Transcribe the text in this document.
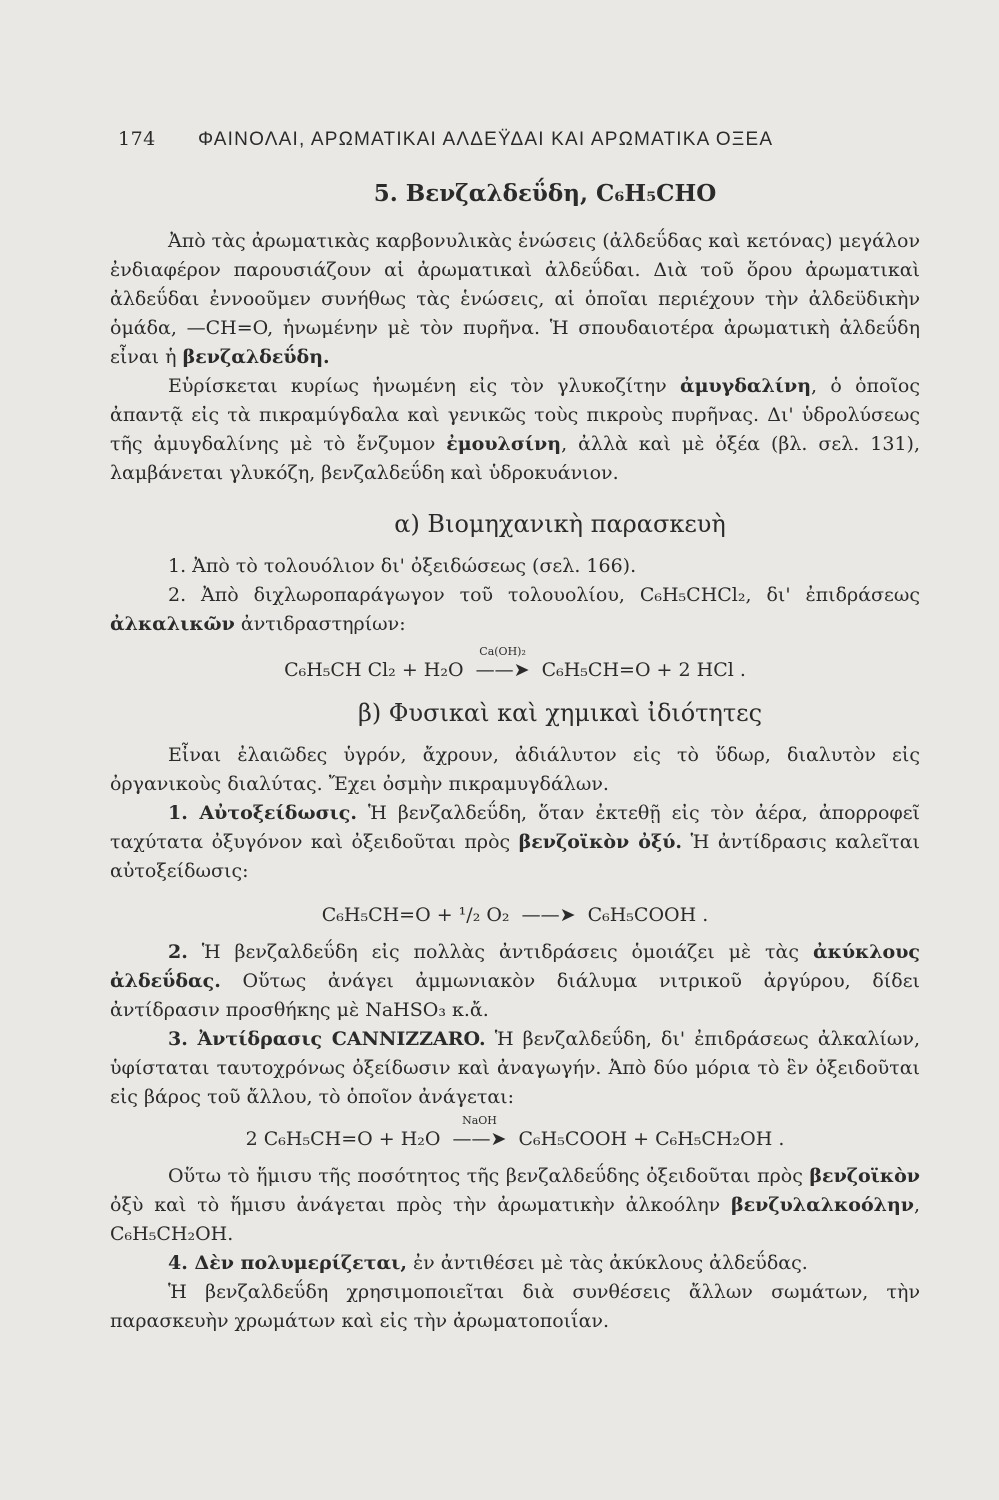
174 ΦΑΙΝΟΛΑΙ, ΑΡΩΜΑΤΙΚΑΙ ΑΛΔΕΫΔΑΙ ΚΑΙ ΑΡΩΜΑΤΙΚΑ ΟΞΕΑ
5. Βενζαλδεΰδη, C₆H₅CHO

Ἀπὸ τὰς ἀρωματικὰς καρβονυλικὰς ἑνώσεις (ἀλδεΰδας καὶ κετόνας) μεγάλον ἐνδιαφέρον παρουσιάζουν αἱ ἀρωματικαὶ ἀλδεΰδαι. Διὰ τοῦ ὅρου ἀρωματικαὶ ἀλδεΰδαι ἐννοοῦμεν συνήθως τὰς ἑνώσεις, αἱ ὁποῖαι περιέχουν τὴν ἀλδεϋδικὴν ὁμάδα, —CH=O, ἡνωμένην μὲ τὸν πυρῆνα. Ἡ σπουδαιοτέρα ἀρωματικὴ ἀλδεΰδη εἶναι ἡ βενζαλδεΰδη.

Εὑρίσκεται κυρίως ἡνωμένη εἰς τὸν γλυκοζίτην ἀμυγδαλίνη, ὁ ὁποῖος ἀπαντᾷ εἰς τὰ πικραμύγδαλα καὶ γενικῶς τοὺς πικροὺς πυρῆνας. Δι' ὑδρολύσεως τῆς ἀμυγδαλίνης μὲ τὸ ἔνζυμον ἐμουλσίνη, ἀλλὰ καὶ μὲ ὀξέα (βλ. σελ. 131), λαμβάνεται γλυκόζη, βενζαλδεΰδη καὶ ὑδροκυάνιον.

α) Βιομηχανικὴ παρασκευὴ

1. Ἀπὸ τὸ τολουόλιον δι' ὀξειδώσεως (σελ. 166).

2. Ἀπὸ διχλωροπαράγωγον τοῦ τολουολίου, C₆H₅CHCl₂, δι' ἐπιδράσεως ἀλκαλικῶν ἀντιδραστηρίων:

C₆H₅CH Cl₂ + H₂O
Ca(OH)₂
——➤ C₆H₅CH=O + 2 HCl .
β) Φυσικαὶ καὶ χημικαὶ ἰδιότητες

Εἶναι ἐλαιῶδες ὑγρόν, ἄχρουν, ἀδιάλυτον εἰς τὸ ὕδωρ, διαλυτὸν εἰς ὀργανικοὺς διαλύτας. Ἔχει ὀσμὴν πικραμυγδάλων.

1. Αὐτοξείδωσις. Ἡ βενζαλδεΰδη, ὅταν ἐκτεθῇ εἰς τὸν ἀέρα, ἀπορροφεῖ ταχύτατα ὀξυγόνον καὶ ὀξειδοῦται πρὸς βενζοϊκὸν ὀξύ. Ἡ ἀντίδρασις καλεῖται αὐτοξείδωσις:

C₆H₅CH=O + ¹/₂ O₂ ——➤ C₆H₅COOH .

2. Ἡ βενζαλδεΰδη εἰς πολλὰς ἀντιδράσεις ὁμοιάζει μὲ τὰς ἀκύκλους ἀλδεΰδας. Οὕτως ἀνάγει ἀμμωνιακὸν διάλυμα νιτρικοῦ ἀργύρου, δίδει ἀντίδρασιν προσθήκης μὲ NaHSO₃ κ.ἄ.

3. Ἀντίδρασις CANNIZZARO. Ἡ βενζαλδεΰδη, δι' ἐπιδράσεως ἀλκαλίων, ὑφίσταται ταυτοχρόνως ὀξείδωσιν καὶ ἀναγωγήν. Ἀπὸ δύο μόρια τὸ ἓν ὀξειδοῦται εἰς βάρος τοῦ ἄλλου, τὸ ὁποῖον ἀνάγεται:

2 C₆H₅CH=O + H₂O
NaOH
——➤ C₆H₅COOH + C₆H₅CH₂OH .

Οὕτω τὸ ἥμισυ τῆς ποσότητος τῆς βενζαλδεΰδης ὀξειδοῦται πρὸς βενζοϊκὸν ὀξὺ καὶ τὸ ἥμισυ ἀνάγεται πρὸς τὴν ἀρωματικὴν ἀλκοόλην βενζυλαλκοόλην, C₆H₅CH₂OH.

4. Δὲν πολυμερίζεται, ἐν ἀντιθέσει μὲ τὰς ἀκύκλους ἀλδεΰδας.

Ἡ βενζαλδεΰδη χρησιμοποιεῖται διὰ συνθέσεις ἄλλων σωμάτων, τὴν παρασκευὴν χρωμάτων καὶ εἰς τὴν ἀρωματοποιΐαν.
